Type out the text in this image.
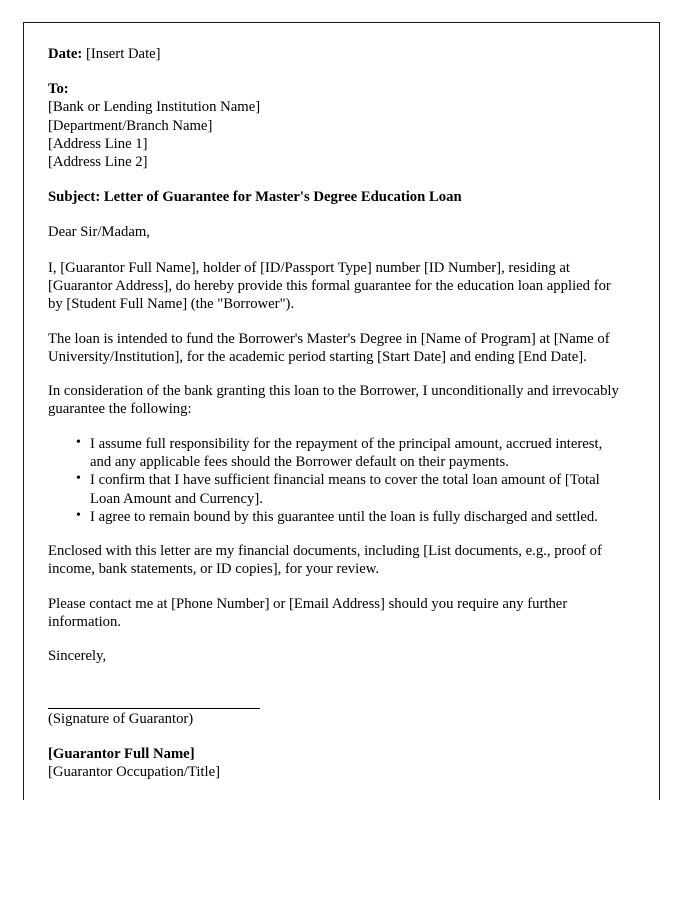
Date: [Insert Date]
To:
[Bank or Lending Institution Name]
[Department/Branch Name]
[Address Line 1]
[Address Line 2]
Subject: Letter of Guarantee for Master's Degree Education Loan
Dear Sir/Madam,

I, [Guarantor Full Name], holder of [ID/Passport Type] number [ID Number], residing at [Guarantor Address], do hereby provide this formal guarantee for the education loan applied for by [Student Full Name] (the "Borrower").

The loan is intended to fund the Borrower's Master's Degree in [Name of Program] at [Name of University/Institution], for the academic period starting [Start Date] and ending [End Date].

In consideration of the bank granting this loan to the Borrower, I unconditionally and irrevocably guarantee the following:

• I assume full responsibility for the repayment of the principal amount, accrued interest, and any applicable fees should the Borrower default on their payments.
• I confirm that I have sufficient financial means to cover the total loan amount of [Total Loan Amount and Currency].
• I agree to remain bound by this guarantee until the loan is fully discharged and settled.

Enclosed with this letter are my financial documents, including [List documents, e.g., proof of income, bank statements, or ID copies], for your review.

Please contact me at [Phone Number] or [Email Address] should you require any further information.

Sincerely,
(Signature of Guarantor)
[Guarantor Full Name]
[Guarantor Occupation/Title]
